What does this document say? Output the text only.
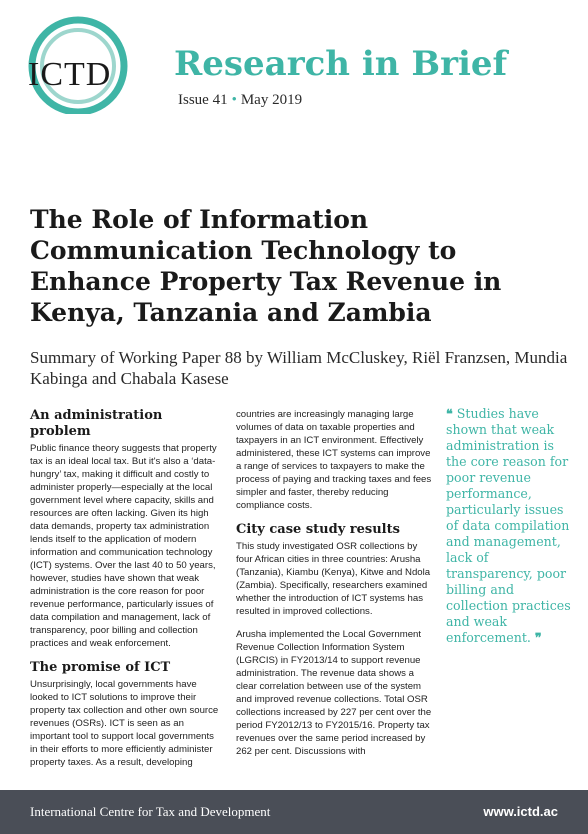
ICTD Research in Brief
Issue 41 • May 2019
The Role of Information Communication Technology to Enhance Property Tax Revenue in Kenya, Tanzania and Zambia
Summary of Working Paper 88 by William McCluskey, Riël Franzsen, Mundia Kabinga and Chabala Kasese
An administration problem

Public finance theory suggests that property tax is an ideal local tax. But it's also a ‘data-hungry’ tax, making it difficult and costly to administer properly—especially at the local government level where capacity, skills and resources are often lacking. Given its high data demands, property tax administration lends itself to the application of modern information and communication technology (ICT) systems. Over the last 40 to 50 years, however, studies have shown that weak administration is the core reason for poor revenue performance, particularly issues of data compilation and management, lack of transparency, poor billing and collection practices and weak enforcement.

The promise of ICT

Unsurprisingly, local governments have looked to ICT solutions to improve their property tax collection and other own source revenues (OSRs). ICT is seen as an important tool to support local governments in their efforts to more efficiently administer property taxes. As a result, developing

countries are increasingly managing large volumes of data on taxable properties and taxpayers in an ICT environment. Effectively administered, these ICT systems can improve a range of services to taxpayers to make the process of paying and tracking taxes and fees simpler and faster, thereby reducing compliance costs.

City case study results

This study investigated OSR collections by four African cities in three countries: Arusha (Tanzania), Kiambu (Kenya), Kitwe and Ndola (Zambia). Specifically, researchers examined whether the introduction of ICT systems has resulted in improved collections.

Arusha implemented the Local Government Revenue Collection Information System (LGRCIS) in FY2013/14 to support revenue administration. The revenue data shows a clear correlation between use of the system and improved revenue collections. Total OSR collections increased by 227 per cent over the period FY2012/13 to FY2015/16. Property tax revenues over the same period increased by 262 per cent. Discussions with

❝ Studies have shown that weak administration is the core reason for poor revenue performance, particularly issues of data compilation and management, lack of transparency, poor billing and collection practices and weak enforcement. ❞
International Centre for Tax and Development	www.ictd.ac
